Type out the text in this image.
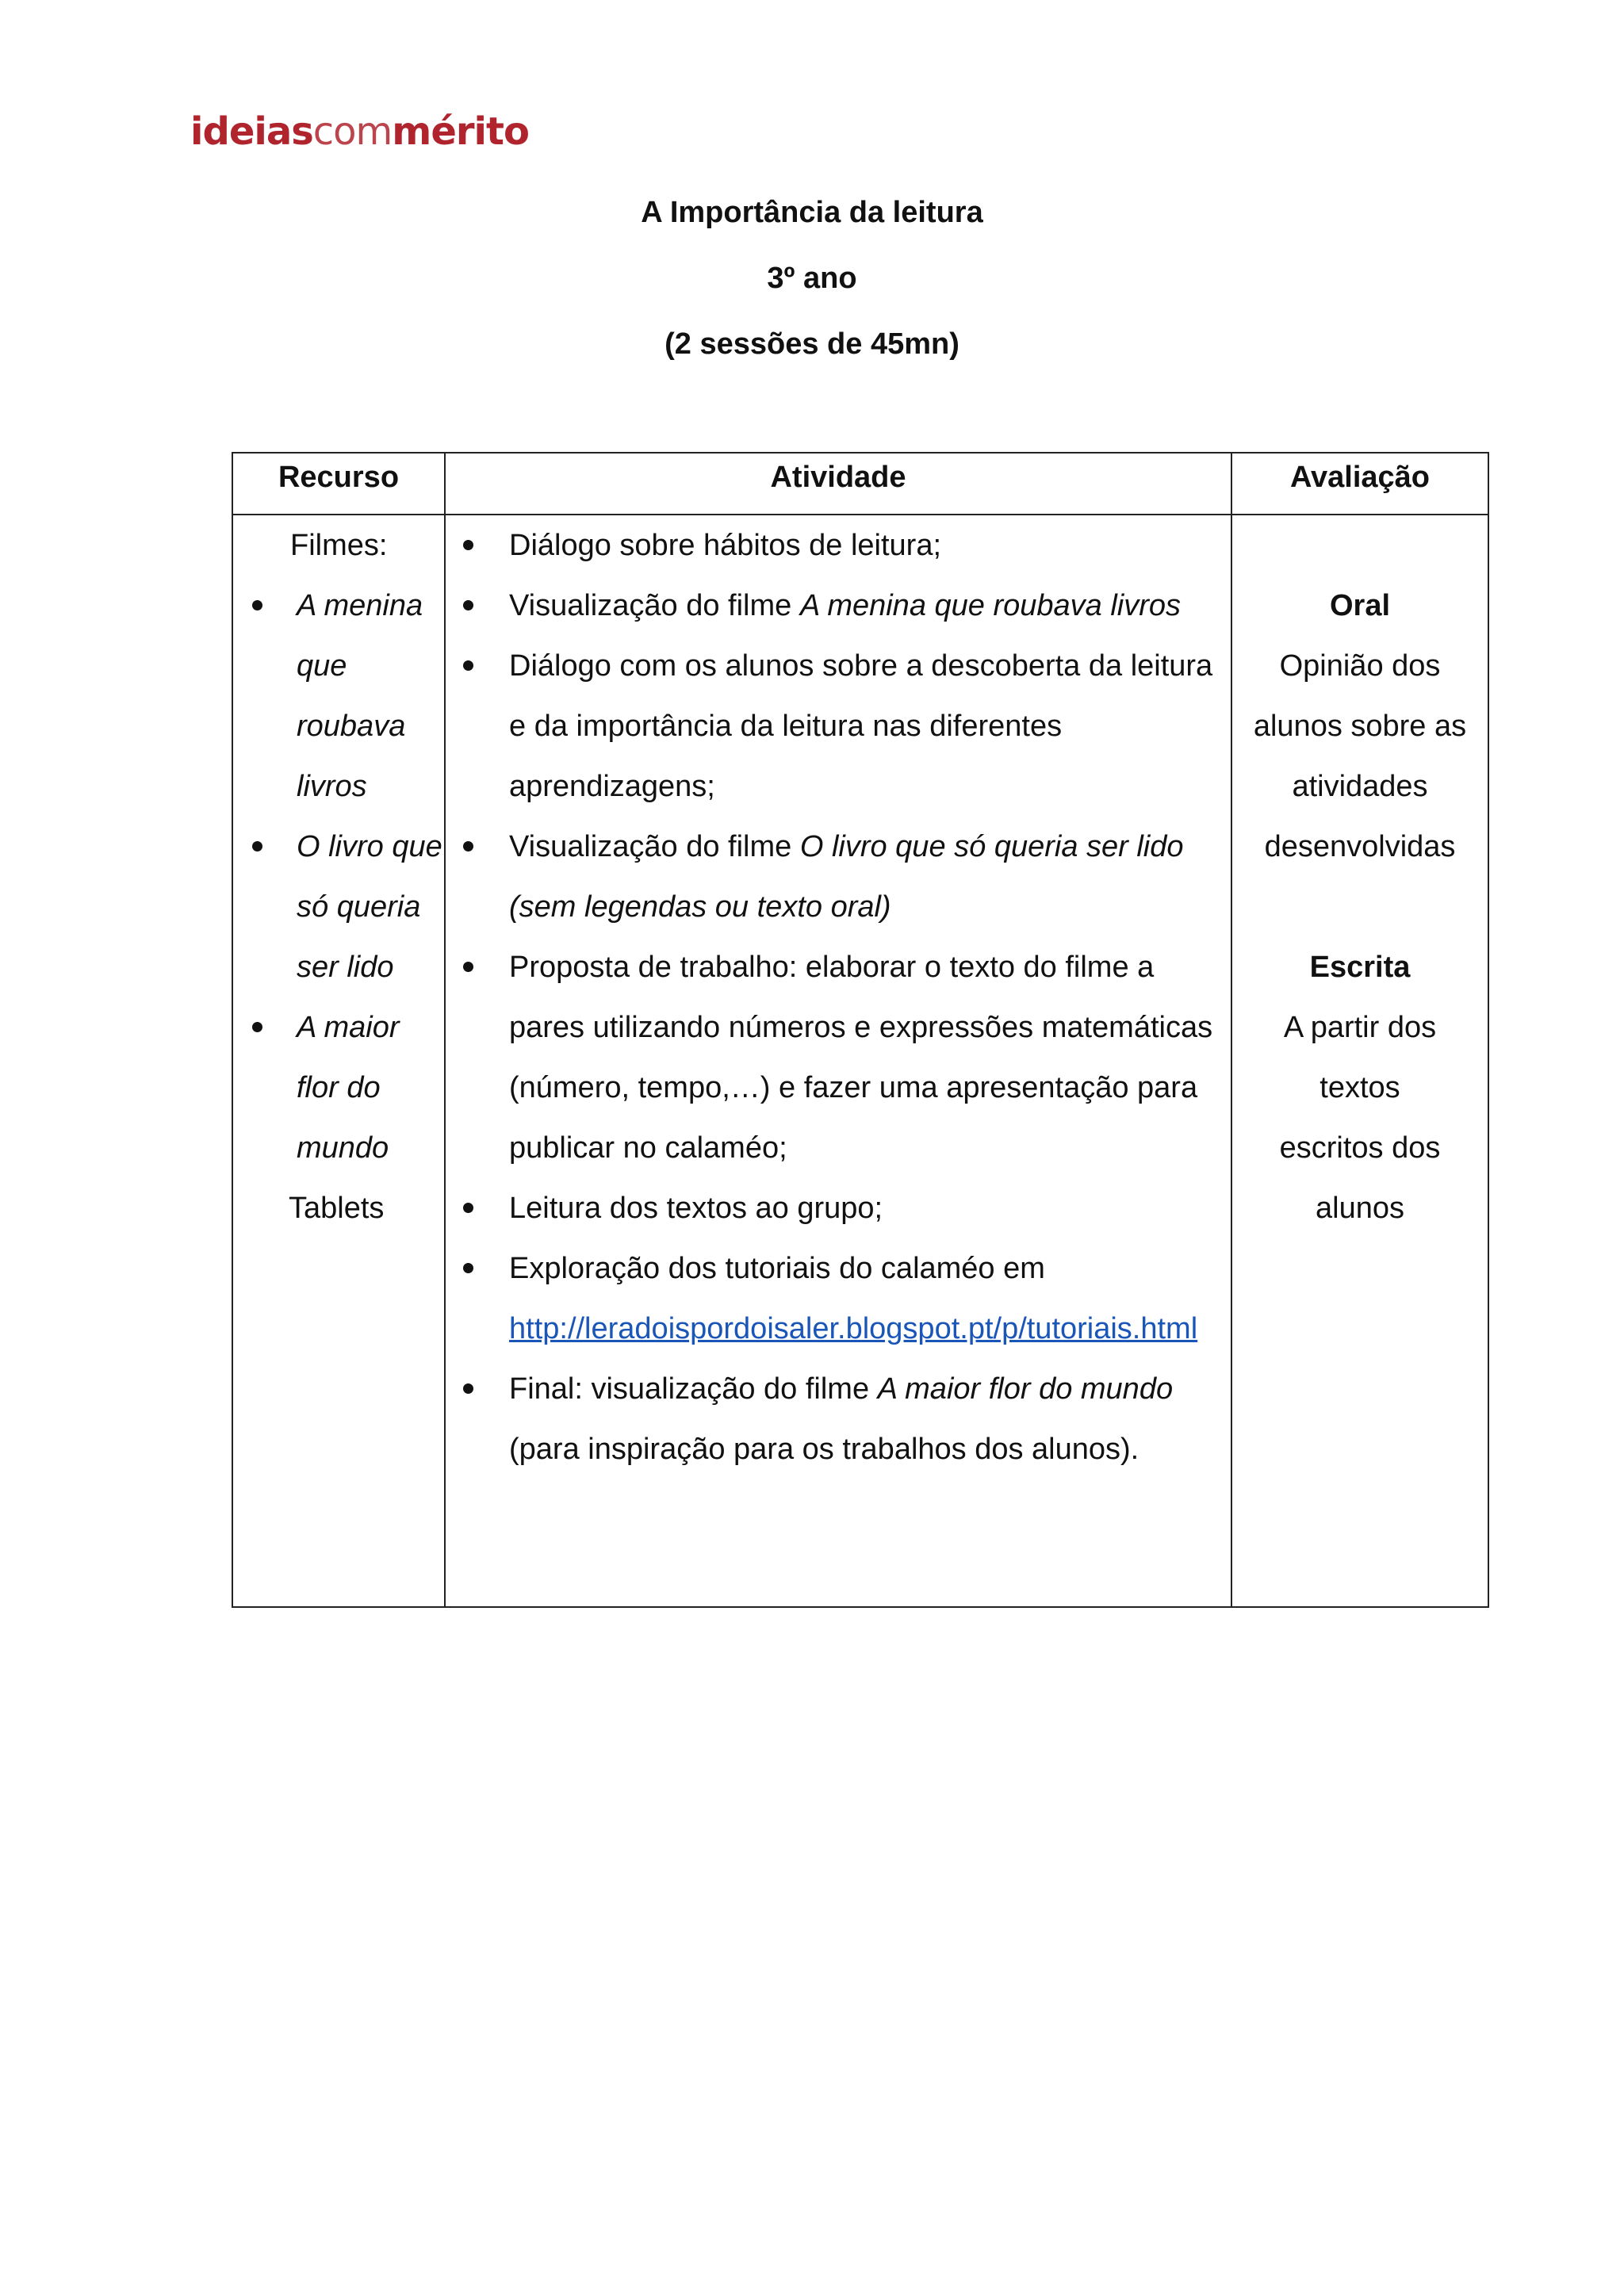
ideiascommérito
A Importância da leitura
3º ano
(2 sessões de 45mn)
Recurso	Atividade	Avaliação
Filmes:
A menina que roubava livros
O livro que só queria ser lido
A maior flor do mundo
Tablets
Diálogo sobre hábitos de leitura;
Visualização do filme A menina que roubava livros
Diálogo com os alunos sobre a descoberta da leitura e da importância da leitura nas diferentes aprendizagens;
Visualização do filme O livro que só queria ser lido (sem legendas ou texto oral)
Proposta de trabalho: elaborar o texto do filme a pares utilizando números e expressões matemáticas (número, tempo,…) e fazer uma apresentação para publicar no calaméo;
Leitura dos textos ao grupo;
Exploração dos tutoriais do calaméo em
http://leradoispordoisaler.blogspot.pt/p/tutoriais.html
Final: visualização do filme A maior flor do mundo (para inspiração para os trabalhos dos alunos).
Oral
Opinião dos alunos sobre as atividades desenvolvidas
Escrita
A partir dos textos escritos dos alunos
